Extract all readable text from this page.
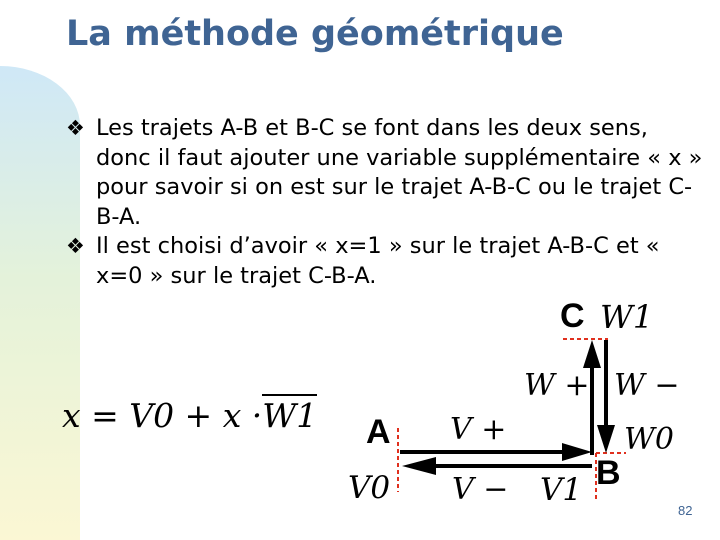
La méthode géométrique
❖ Les trajets A-B et B-C se font dans les deux sens, donc il faut ajouter une variable supplémentaire « x » pour savoir si on est sur le trajet A-B-C ou le trajet C-B-A.
❖ Il est choisi d’avoir « x=1 » sur le trajet A-B-C et « x=0 » sur le trajet C-B-A.
x = V0 + x ·W1
C
A
B
W1
W + W −
V +	W0
V0 V − V1
82
